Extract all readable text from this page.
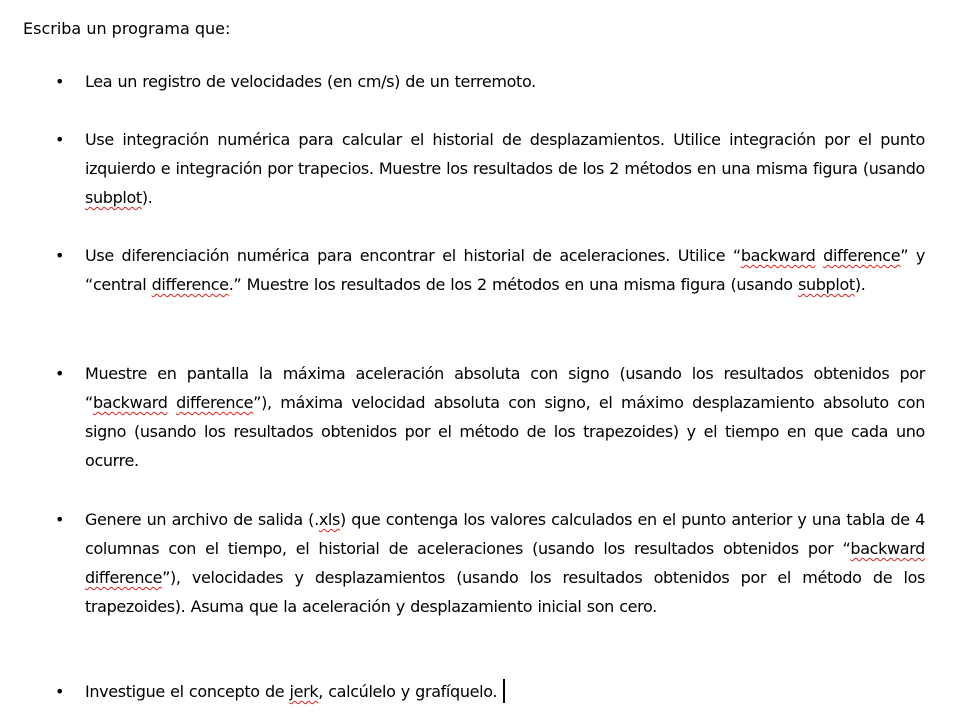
Escriba un programa que:
• Lea un registro de velocidades (en cm/s) de un terremoto.
• Use integración numérica para calcular el historial de desplazamientos. Utilice integración por el punto izquierdo e integración por trapecios. Muestre los resultados de los 2 métodos en una misma figura (usando subplot).
• Use diferenciación numérica para encontrar el historial de aceleraciones. Utilice “backward difference” y “central difference.” Muestre los resultados de los 2 métodos en una misma figura (usando subplot).
• Muestre en pantalla la máxima aceleración absoluta con signo (usando los resultados obtenidos por “backward difference”), máxima velocidad absoluta con signo, el máximo desplazamiento absoluto con signo (usando los resultados obtenidos por el método de los trapezoides) y el tiempo en que cada uno ocurre.
• Genere un archivo de salida (.xls) que contenga los valores calculados en el punto anterior y una tabla de 4 columnas con el tiempo, el historial de aceleraciones (usando los resultados obtenidos por “backward difference”), velocidades y desplazamientos (usando los resultados obtenidos por el método de los trapezoides). Asuma que la aceleración y desplazamiento inicial son cero.
• Investigue el concepto de jerk, calcúlelo y grafíquelo.
